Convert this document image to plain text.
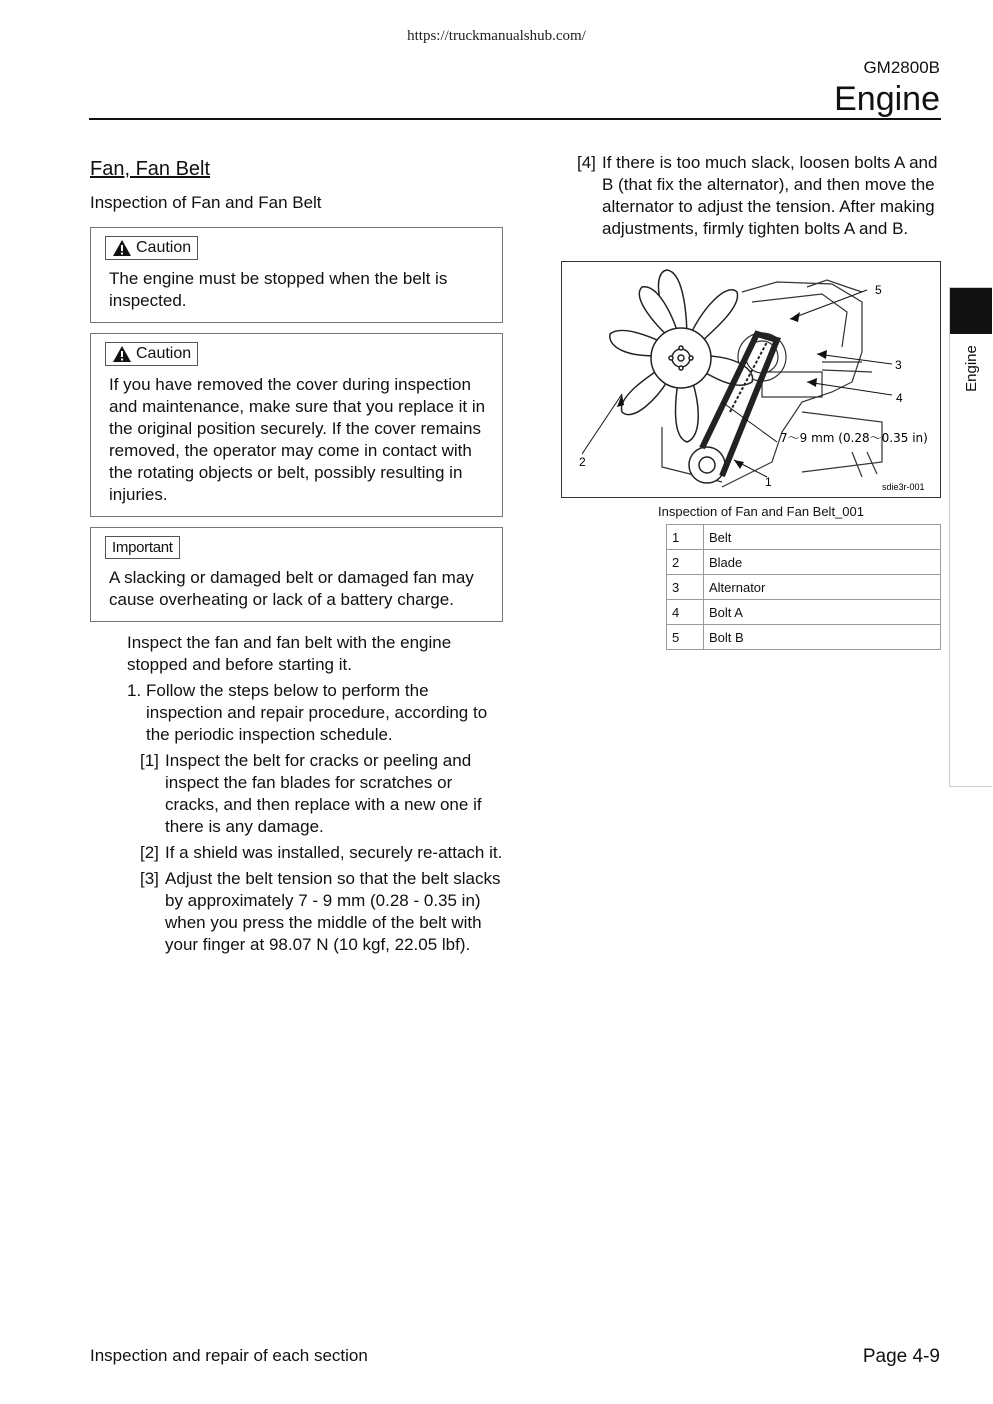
https://truckmanualshub.com/
GM2800B
Engine
Engine
Fan, Fan Belt
Inspection of Fan and Fan Belt
Caution
The engine must be stopped when the belt is inspected.
Caution
If you have removed the cover during inspection and maintenance, make sure that you replace it in the original position securely. If the cover remains removed, the operator may come in contact with the rotating objects or belt, possibly resulting in injuries.
Important
A slacking or damaged belt or damaged fan may cause overheating or lack of a battery charge.
Inspect the fan and fan belt with the engine stopped and before starting it.
1. Follow the steps below to perform the inspection and repair procedure, according to the periodic inspection schedule.
[1] Inspect the belt for cracks or peeling and inspect the fan blades for scratches or cracks, and then replace with a new one if there is any damage.
[2] If a shield was installed, securely re-attach it.
[3] Adjust the belt tension so that the belt slacks by approximately 7 - 9 mm (0.28 - 0.35 in) when you press the middle of the belt with your finger at 98.07 N (10 kgf, 22.05 lbf).
[4] If there is too much slack, loosen bolts A and B (that fix the alternator), and then move the alternator to adjust the tension. After making adjustments, firmly tighten bolts A and B.
5
3
4
2
1
7～9 mm (0.28～0.35 in)
sdie3r-001
Inspection of Fan and Fan Belt_001
1	Belt
2	Blade
3	Alternator
4	Bolt A
5	Bolt B
Inspection and repair of each section	Page 4-9
